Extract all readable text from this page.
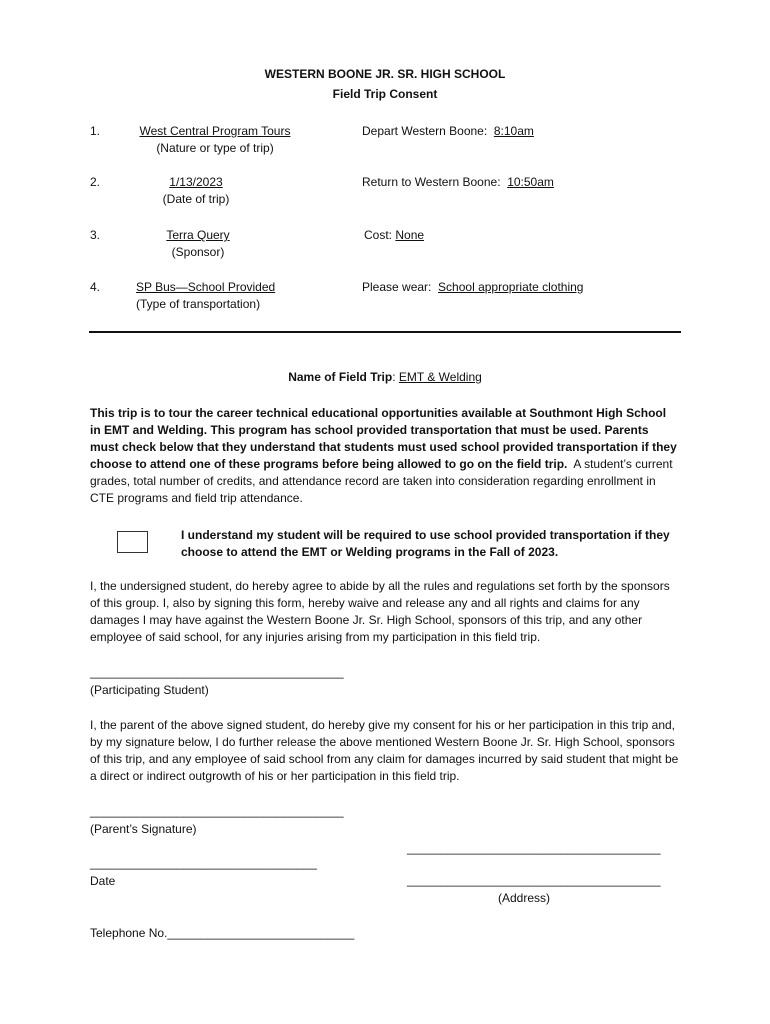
WESTERN BOONE JR. SR. HIGH SCHOOL
Field Trip Consent
1.	West Central Program Tours
(Nature or type of trip)
Depart Western Boone: 8:10am
2.	1/13/2023
(Date of trip)
Return to Western Boone: 10:50am
3.	Terra Query
(Sponsor)
Cost: None
4.	SP Bus—School Provided
(Type of transportation)
Please wear: School appropriate clothing
Name of Field Trip: EMT & Welding
This trip is to tour the career technical educational opportunities available at Southmont High School in EMT and Welding. This program has school provided transportation that must be used. Parents must check below that they understand that students must used school provided transportation if they choose to attend one of these programs before being allowed to go on the field trip. A student’s current grades, total number of credits, and attendance record are taken into consideration regarding enrollment in CTE programs and field trip attendance.
I understand my student will be required to use school provided transportation if they choose to attend the EMT or Welding programs in the Fall of 2023.
I, the undersigned student, do hereby agree to abide by all the rules and regulations set forth by the sponsors of this group. I, also by signing this form, hereby waive and release any and all rights and claims for any damages I may have against the Western Boone Jr. Sr. High School, sponsors of this trip, and any other employee of said school, for any injuries arising from my participation in this field trip.
______________________________________
(Participating Student)
I, the parent of the above signed student, do hereby give my consent for his or her participation in this trip and, by my signature below, I do further release the above mentioned Western Boone Jr. Sr. High School, sponsors of this trip, and any employee of said school from any claim for damages incurred by said student that might be a direct or indirect outgrowth of his or her participation in this field trip.
______________________________________
(Parent’s Signature)
______________________________________
__________________________________
Date	______________________________________
(Address)
Telephone No.____________________________
